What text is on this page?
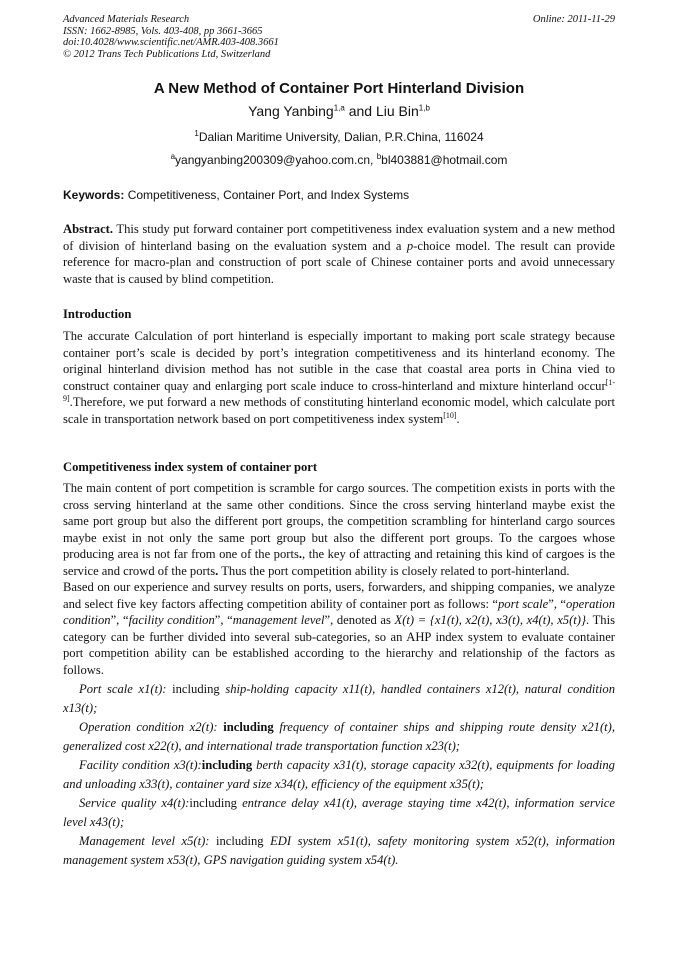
Advanced Materials Research
ISSN: 1662-8985, Vols. 403-408, pp 3661-3665
doi:10.4028/www.scientific.net/AMR.403-408.3661
© 2012 Trans Tech Publications Ltd, Switzerland
Online: 2011-11-29
A New Method of Container Port Hinterland Division
Yang Yanbing$^{1,a}$ and Liu Bin$^{1,b}$
$^1$Dalian Maritime University, Dalian, P.R.China, 116024
$^a$yangyanbing200309@yahoo.com.cn, $^b$bl403881@hotmail.com
Keywords: Competitiveness, Container Port, and Index Systems
Abstract. This study put forward container port competitiveness index evaluation system and a new method of division of hinterland basing on the evaluation system and a p-choice model. The result can provide reference for macro-plan and construction of port scale of Chinese container ports and avoid unnecessary waste that is caused by blind competition.
Introduction
The accurate Calculation of port hinterland is especially important to making port scale strategy because container port’s scale is decided by port’s integration competitiveness and its hinterland economy. The original hinterland division method has not sutible in the case that coastal area ports in China vied to construct container quay and enlarging port scale induce to cross-hinterland and mixture hinterland occur[1-9].Therefore, we put forward a new methods of constituting hinterland economic model, which calculate port scale in transportation network based on port competitiveness index system[10].
Competitiveness index system of container port
The main content of port competition is scramble for cargo sources. The competition exists in ports with the cross serving hinterland at the same other conditions. Since the cross serving hinterland maybe exist the same port group but also the different port groups, the competition scrambling for hinterland cargo sources maybe exist in not only the same port group but also the different port groups. To the cargoes whose producing area is not far from one of the ports., the key of attracting and retaining this kind of cargoes is the service and crowd of the ports. Thus the port competition ability is closely related to port-hinterland.
Based on our experience and survey results on ports, users, forwarders, and shipping companies, we analyze and select five key factors affecting competition ability of container port as follows: “port scale”, “operation condition”, “facility condition”, “management level”, denoted as X(t) = {x1(t), x2(t), x3(t), x4(t), x5(t)}. This category can be further divided into several sub-categories, so an AHP index system to evaluate container port competition ability can be established according to the hierarchy and relationship of the factors as follows.
Port scale x1(t): including ship-holding capacity x11(t), handled containers x12(t), natural condition x13(t);
Operation condition x2(t): including frequency of container ships and shipping route density x21(t), generalized cost x22(t), and international trade transportation function x23(t);
Facility condition x3(t):including berth capacity x31(t), storage capacity x32(t), equipments for loading and unloading x33(t), container yard size x34(t), efficiency of the equipment x35(t);
Service quality x4(t):including entrance delay x41(t), average staying time x42(t), information service level x43(t);
Management level x5(t): including EDI system x51(t), safety monitoring system x52(t), information management system x53(t), GPS navigation guiding system x54(t).
